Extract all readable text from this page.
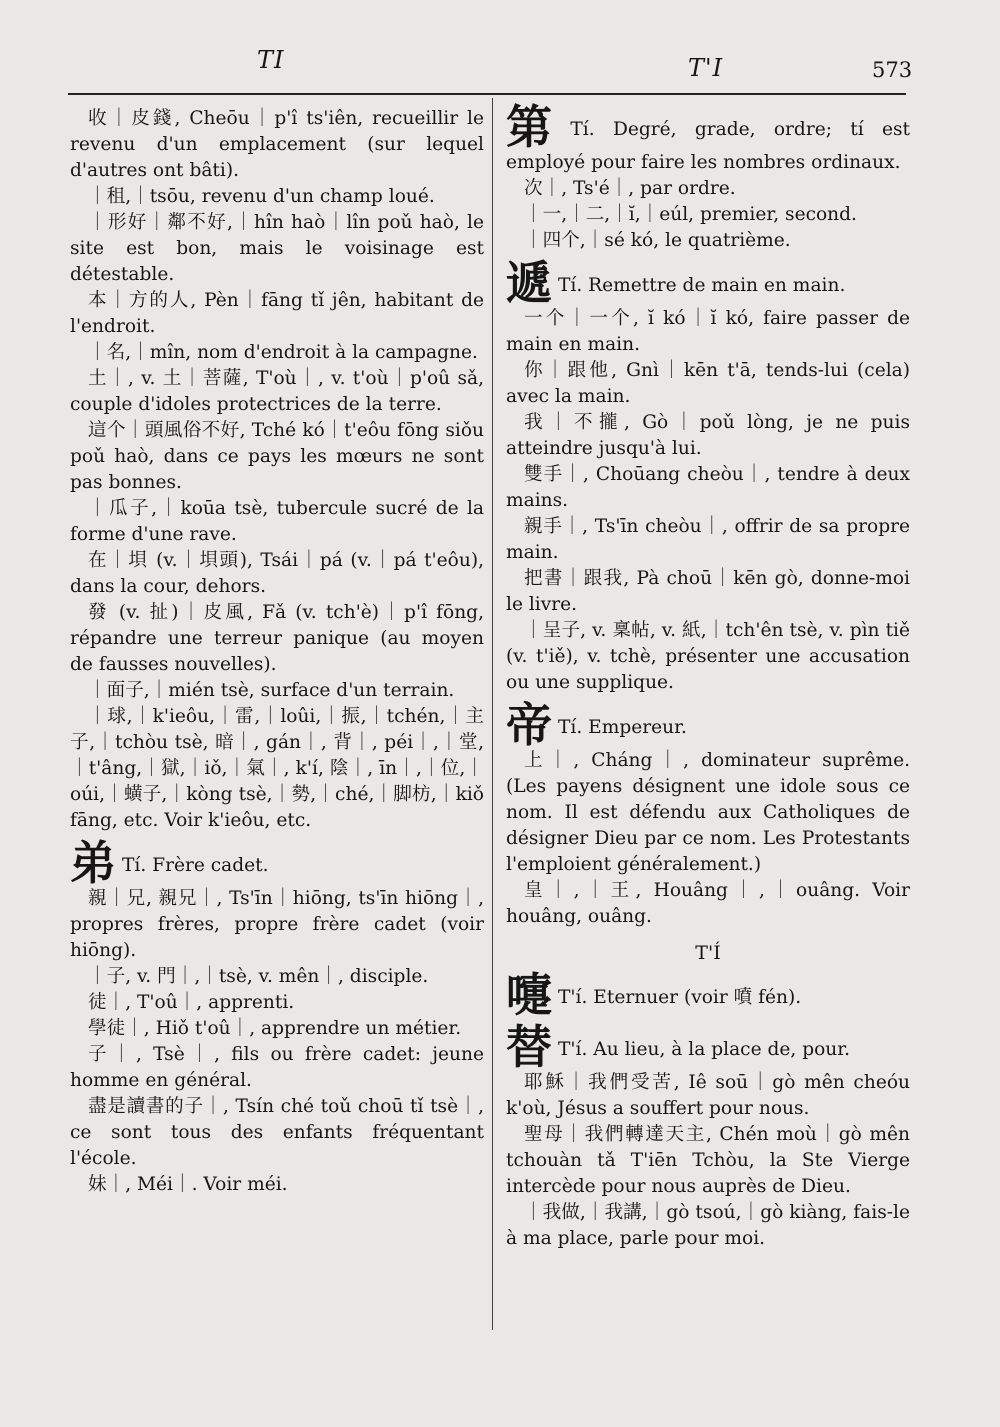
TI	T'I	573

收｜皮錢, Cheōu｜p'î ts'iên, recueillir le revenu d'un emplacement (sur lequel d'autres ont bâti).

｜租,｜tsōu, revenu d'un champ loué.

｜形好｜鄰不好,｜hîn haò｜lîn poǔ haò, le site est bon, mais le voisinage est détestable.

本｜方的人, Pèn｜fāng tǐ jên, habitant de l'endroit.

｜名,｜mîn, nom d'endroit à la campagne.

土｜, v. 土｜菩薩, T'où｜, v. t'où｜p'oû sǎ, couple d'idoles protectrices de la terre.

這个｜頭風俗不好, Tché kó｜t'eôu fōng siǒu poǔ haò, dans ce pays les mœurs ne sont pas bonnes.

｜瓜子,｜koūa tsè, tubercule sucré de la forme d'une rave.

在｜垻 (v.｜垻頭), Tsái｜pá (v.｜pá t'eôu), dans la cour, dehors.

發 (v. 扯)｜皮風, Fǎ (v. tch'è)｜p'î fōng, répandre une terreur panique (au moyen de fausses nouvelles).

｜面子,｜mién tsè, surface d'un terrain.

｜球,｜k'ieôu,｜雷,｜loûi,｜振,｜tchén,｜主子,｜tchòu tsè, 暗｜, gán｜, 背｜, péi｜,｜堂,｜t'âng,｜獄,｜iǒ,｜氣｜, k'í, 陰｜, īn｜,｜位,｜oúi,｜蟥子,｜kòng tsè,｜勢,｜ché,｜脚枋,｜kiǒ fāng, etc. Voir k'ieôu, etc.

弟 Tí. Frère cadet.

親｜兄, 親兄｜, Ts'īn｜hiōng, ts'īn hiōng｜, propres frères, propre frère cadet (voir hiōng).

｜子, v. 門｜,｜tsè, v. mên｜, disciple.

徒｜, T'oû｜, apprenti.

學徒｜, Hiǒ t'oû｜, apprendre un métier.

子｜, Tsè｜, fils ou frère cadet: jeune homme en général.

盡是讀書的子｜, Tsín ché toǔ choū tǐ tsè｜, ce sont tous des enfants fréquentant l'école.

妹｜, Méi｜. Voir méi.

第 Tí. Degré, grade, ordre; tí est employé pour faire les nombres ordinaux.

次｜, Ts'é｜, par ordre.

｜一,｜二,｜ĭ,｜eúl, premier, second.

｜四个,｜sé kó, le quatrième.

遞 Tí. Remettre de main en main.

一个｜一个, ĭ kó｜ĭ kó, faire passer de main en main.

你｜跟他, Gnì｜kēn t'ā, tends-lui (cela) avec la main.

我｜不攏, Gò｜poǔ lòng, je ne puis atteindre jusqu'à lui.

雙手｜, Choūang cheòu｜, tendre à deux mains.

親手｜, Ts'īn cheòu｜, offrir de sa propre main.

把書｜跟我, Pà choū｜kēn gò, donne-moi le livre.

｜呈子, v. 稟帖, v. 紙,｜tch'ên tsè, v. pìn tiě (v. t'iě), v. tchè, présenter une accusation ou une supplique.

帝 Tí. Empereur.

上｜, Cháng｜, dominateur suprême. (Les payens désignent une idole sous ce nom. Il est défendu aux Catholiques de désigner Dieu par ce nom. Les Protestants l'emploient généralement.)

皇｜,｜王, Houâng｜,｜ouâng. Voir houâng, ouâng.

T'Í

嚏 T'í. Eternuer (voir 噴 fén).

替 T'í. Au lieu, à la place de, pour.

耶穌｜我們受苦, Iê soū｜gò mên cheóu k'où, Jésus a souffert pour nous.

聖母｜我們轉達天主, Chén moù｜gò mên tchouàn tǎ T'iēn Tchòu, la Ste Vierge intercède pour nous auprès de Dieu.

｜我做,｜我講,｜gò tsoú,｜gò kiàng, fais-le à ma place, parle pour moi.
